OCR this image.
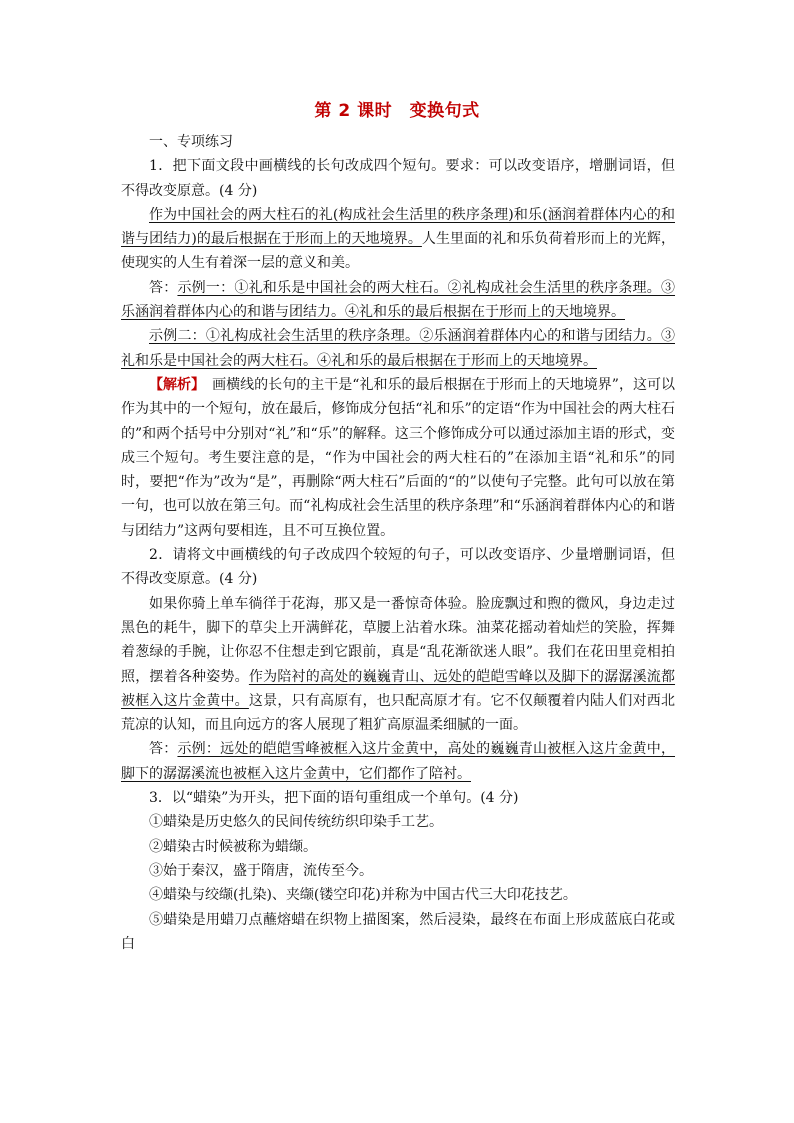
第 2 课时　变换句式

一、专项练习

1．把下面文段中画横线的长句改成四个短句。要求：可以改变语序，增删词语，但不得改变原意。(4 分)

作为中国社会的两大柱石的礼(构成社会生活里的秩序条理)和乐(涵润着群体内心的和谐与团结力)的最后根据在于形而上的天地境界。人生里面的礼和乐负荷着形而上的光辉，使现实的人生有着深一层的意义和美。

答：示例一：①礼和乐是中国社会的两大柱石。②礼构成社会生活里的秩序条理。③乐涵润着群体内心的和谐与团结力。④礼和乐的最后根据在于形而上的天地境界。

示例二：①礼构成社会生活里的秩序条理。②乐涵润着群体内心的和谐与团结力。③礼和乐是中国社会的两大柱石。④礼和乐的最后根据在于形而上的天地境界。

【解析】　 画横线的长句的主干是“礼和乐的最后根据在于形而上的天地境界”，这可以作为其中的一个短句，放在最后，修饰成分包括“礼和乐”的定语“作为中国社会的两大柱石的”和两个括号中分别对“礼”和“乐”的解释。这三个修饰成分可以通过添加主语的形式，变成三个短句。考生要注意的是，“作为中国社会的两大柱石的”在添加主语“礼和乐”的同时，要把“作为”改为“是”，再删除“两大柱石”后面的“的”以使句子完整。此句可以放在第一句，也可以放在第三句。而“礼构成社会生活里的秩序条理”和“乐涵润着群体内心的和谐与团结力”这两句要相连，且不可互换位置。

2．请将文中画横线的句子改成四个较短的句子，可以改变语序、少量增删词语，但不得改变原意。(4 分)

如果你骑上单车徜徉于花海，那又是一番惊奇体验。脸庞飘过和煦的微风，身边走过黑色的耗牛，脚下的草尖上开满鲜花，草腰上沾着水珠。油菜花摇动着灿烂的笑脸，挥舞着葱绿的手腕，让你忍不住想走到它跟前，真是“乱花渐欲迷人眼”。我们在花田里竞相拍照，摆着各种姿势。作为陪衬的高处的巍巍青山、远处的皑皑雪峰以及脚下的潺潺溪流都被框入这片金黄中。这景，只有高原有，也只配高原才有。它不仅颠覆着内陆人们对西北荒凉的认知，而且向远方的客人展现了粗犷高原温柔细腻的一面。

答：示例：远处的皑皑雪峰被框入这片金黄中，高处的巍巍青山被框入这片金黄中，脚下的潺潺溪流也被框入这片金黄中，它们都作了陪衬。

3．以“蜡染”为开头，把下面的语句重组成一个单句。(4 分)

①蜡染是历史悠久的民间传统纺织印染手工艺。

②蜡染古时候被称为蜡缬。

③始于秦汉，盛于隋唐，流传至今。

④蜡染与绞缬(扎染)、夹缬(镂空印花)并称为中国古代三大印花技艺。

⑤蜡染是用蜡刀点蘸熔蜡在织物上描图案，然后浸染，最终在布面上形成蓝底白花或白
